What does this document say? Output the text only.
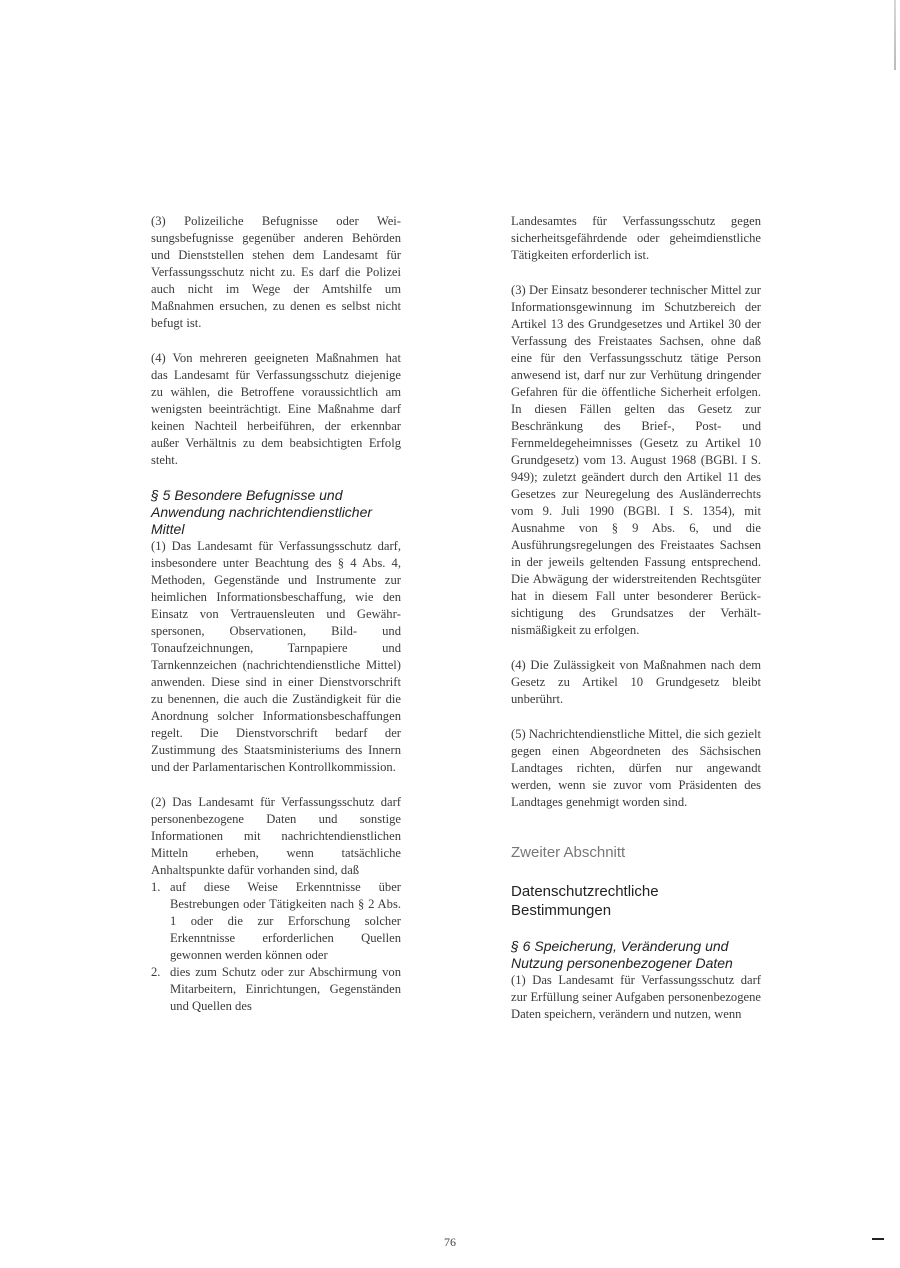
(3) Polizeiliche Befugnisse oder Weisungsbefugnisse gegenüber anderen Behörden und Dienststellen stehen dem Landesamt für Verfassungsschutz nicht zu. Es darf die Polizei auch nicht im Wege der Amtshilfe um Maßnahmen ersuchen, zu denen es selbst nicht befugt ist.

(4) Von mehreren geeigneten Maßnahmen hat das Landesamt für Verfassungsschutz diejenige zu wählen, die Betroffene voraussichtlich am wenigsten beeinträchtigt. Eine Maßnahme darf keinen Nachteil herbeiführen, der erkennbar außer Verhältnis zu dem beabsichtigten Erfolg steht.

§ 5 Besondere Befugnisse und Anwendung nachrichtendienstlicher Mittel

(1) Das Landesamt für Verfassungsschutz darf, insbesondere unter Beachtung des § 4 Abs. 4, Methoden, Gegenstände und Instrumente zur heimlichen Informationsbeschaffung, wie den Einsatz von Vertrauensleuten und Gewährspersonen, Observationen, Bild- und Tonaufzeichnungen, Tarnpapiere und Tarnkennzeichen (nachrichtendienstliche Mittel) anwenden. Diese sind in einer Dienstvorschrift zu benennen, die auch die Zuständigkeit für die Anordnung solcher Informationsbeschaffungen regelt. Die Dienstvorschrift bedarf der Zustimmung des Staatsministeriums des Innern und der Parlamentarischen Kontrollkommission.

(2) Das Landesamt für Verfassungsschutz darf personenbezogene Daten und sonstige Informationen mit nachrichtendienstlichen Mitteln erheben, wenn tatsächliche Anhaltspunkte dafür vorhanden sind, daß

1. auf diese Weise Erkenntnisse über Bestrebungen oder Tätigkeiten nach § 2 Abs. 1 oder die zur Erforschung solcher Erkenntnisse erforderlichen Quellen gewonnen werden können oder

2. dies zum Schutz oder zur Abschirmung von Mitarbeitern, Einrichtungen, Gegenständen und Quellen des

Landesamtes für Verfassungsschutz gegen sicherheitsgefährdende oder geheimdienstliche Tätigkeiten erforderlich ist.

(3) Der Einsatz besonderer technischer Mittel zur Informationsgewinnung im Schutzbereich der Artikel 13 des Grundgesetzes und Artikel 30 der Verfassung des Freistaates Sachsen, ohne daß eine für den Verfassungsschutz tätige Person anwesend ist, darf nur zur Verhütung dringender Gefahren für die öffentliche Sicherheit erfolgen. In diesen Fällen gelten das Gesetz zur Beschränkung des Brief-, Post- und Fernmeldegeheimnisses (Gesetz zu Artikel 10 Grundgesetz) vom 13. August 1968 (BGBl. I S. 949); zuletzt geändert durch den Artikel 11 des Gesetzes zur Neuregelung des Ausländerrechts vom 9. Juli 1990 (BGBl. I S. 1354), mit Ausnahme von § 9 Abs. 6, und die Ausführungsregelungen des Freistaates Sachsen in der jeweils geltenden Fassung entsprechend. Die Abwägung der widerstreitenden Rechtsgüter hat in diesem Fall unter besonderer Berücksichtigung des Grundsatzes der Verhältnismäßigkeit zu erfolgen.

(4) Die Zulässigkeit von Maßnahmen nach dem Gesetz zu Artikel 10 Grundgesetz bleibt unberührt.

(5) Nachrichtendienstliche Mittel, die sich gezielt gegen einen Abgeordneten des Sächsischen Landtages richten, dürfen nur angewandt werden, wenn sie zuvor vom Präsidenten des Landtages genehmigt worden sind.

Zweiter Abschnitt
Datenschutzrechtliche Bestimmungen
§ 6 Speicherung, Veränderung und Nutzung personenbezogener Daten

(1) Das Landesamt für Verfassungsschutz darf zur Erfüllung seiner Aufgaben personenbezogene Daten speichern, verändern und nutzen, wenn

76
